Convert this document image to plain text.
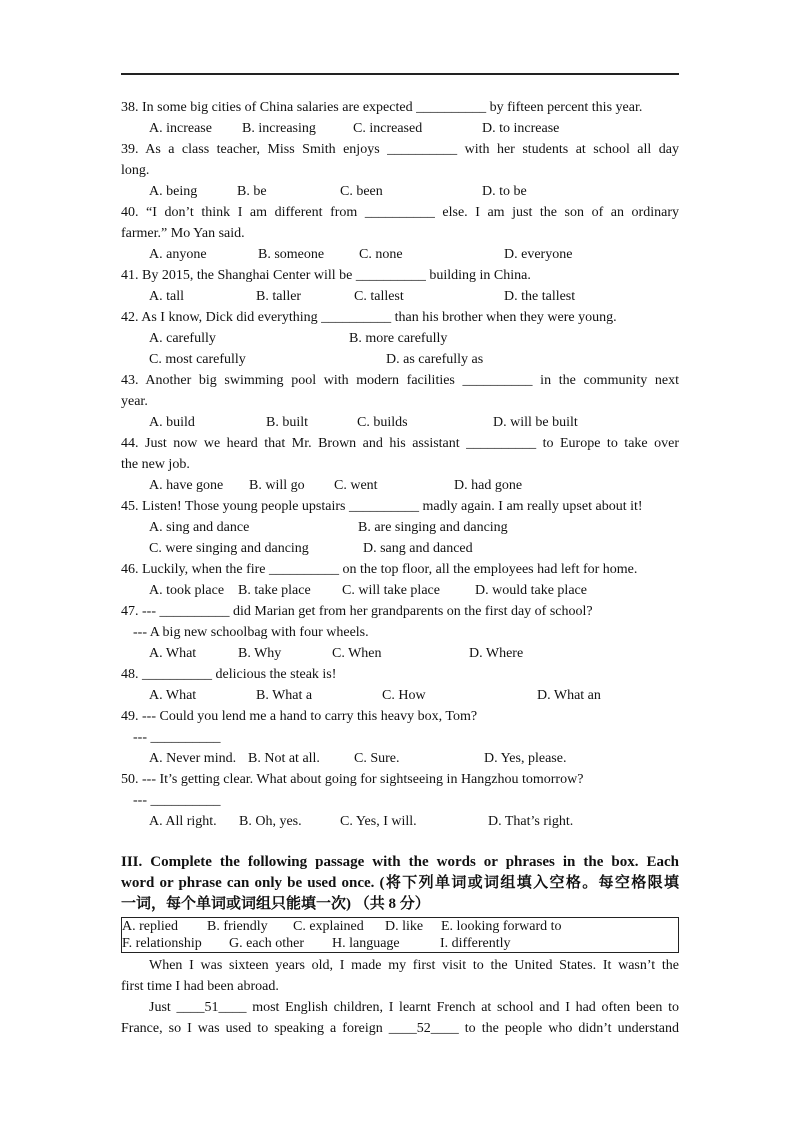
38. In some big cities of China salaries are expected __________ by fifteen percent this year.
A. increase B. increasing	C. increased	D. to increase
39. As a class teacher, Miss Smith enjoys __________ with her students at school all day
long.
A. being	B. be	C. been	D. to be
40. “I don’t think I am different from __________ else. I am just the son of an ordinary
farmer.” Mo Yan said.
A. anyone	B. someone C. none	D. everyone
41. By 2015, the Shanghai Center will be __________ building in China.
A. tall	B. taller	C. tallest	D. the tallest
42. As I know, Dick did everything __________ than his brother when they were young.
A. carefully	B. more carefully
C. most carefully	D. as carefully as
43. Another big swimming pool with modern facilities __________ in the community next
year.
A. build	B. built	C. builds	D. will be built
44. Just now we heard that Mr. Brown and his assistant __________ to Europe to take over
the new job.
A. have gone B. will go C. went	D. had gone
45. Listen! Those young people upstairs __________ madly again. I am really upset about it!
A. sing and dance	B. are singing and dancing
C. were singing and dancing	D. sang and danced
46. Luckily, when the fire __________ on the top floor, all the employees had left for home.
A. took place B. take place C. will take place	D. would take place
47. --- __________ did Marian get from her grandparents on the first day of school?
--- A big new schoolbag with four wheels.
A. What	B. Why	C. When	D. Where
48. __________ delicious the steak is!
A. What	B. What a	C. How	D. What an
49. --- Could you lend me a hand to carry this heavy box, Tom?
--- __________
A. Never mind. B. Not at all. C. Sure.	D. Yes, please.
50. --- It’s getting clear. What about going for sightseeing in Hangzhou tomorrow?
--- __________
A. All right. B. Oh, yes.	C. Yes, I will.	D. That’s right.
III. Complete the following passage with the words or phrases in the box. Each
word or phrase can only be used once. (将下列单词或词组填入空格。每空格限填
一词，每个单词或词组只能填一次) （共 8 分）
A. replied B. friendly C. explained D. like E. looking forward to
F. relationship G. each other H. language	I. differently
When I was sixteen years old, I made my first visit to the United States. It wasn’t the
first time I had been abroad.
Just ____51____ most English children, I learnt French at school and I had often been to
France, so I was used to speaking a foreign ____52____ to the people who didn’t understand
